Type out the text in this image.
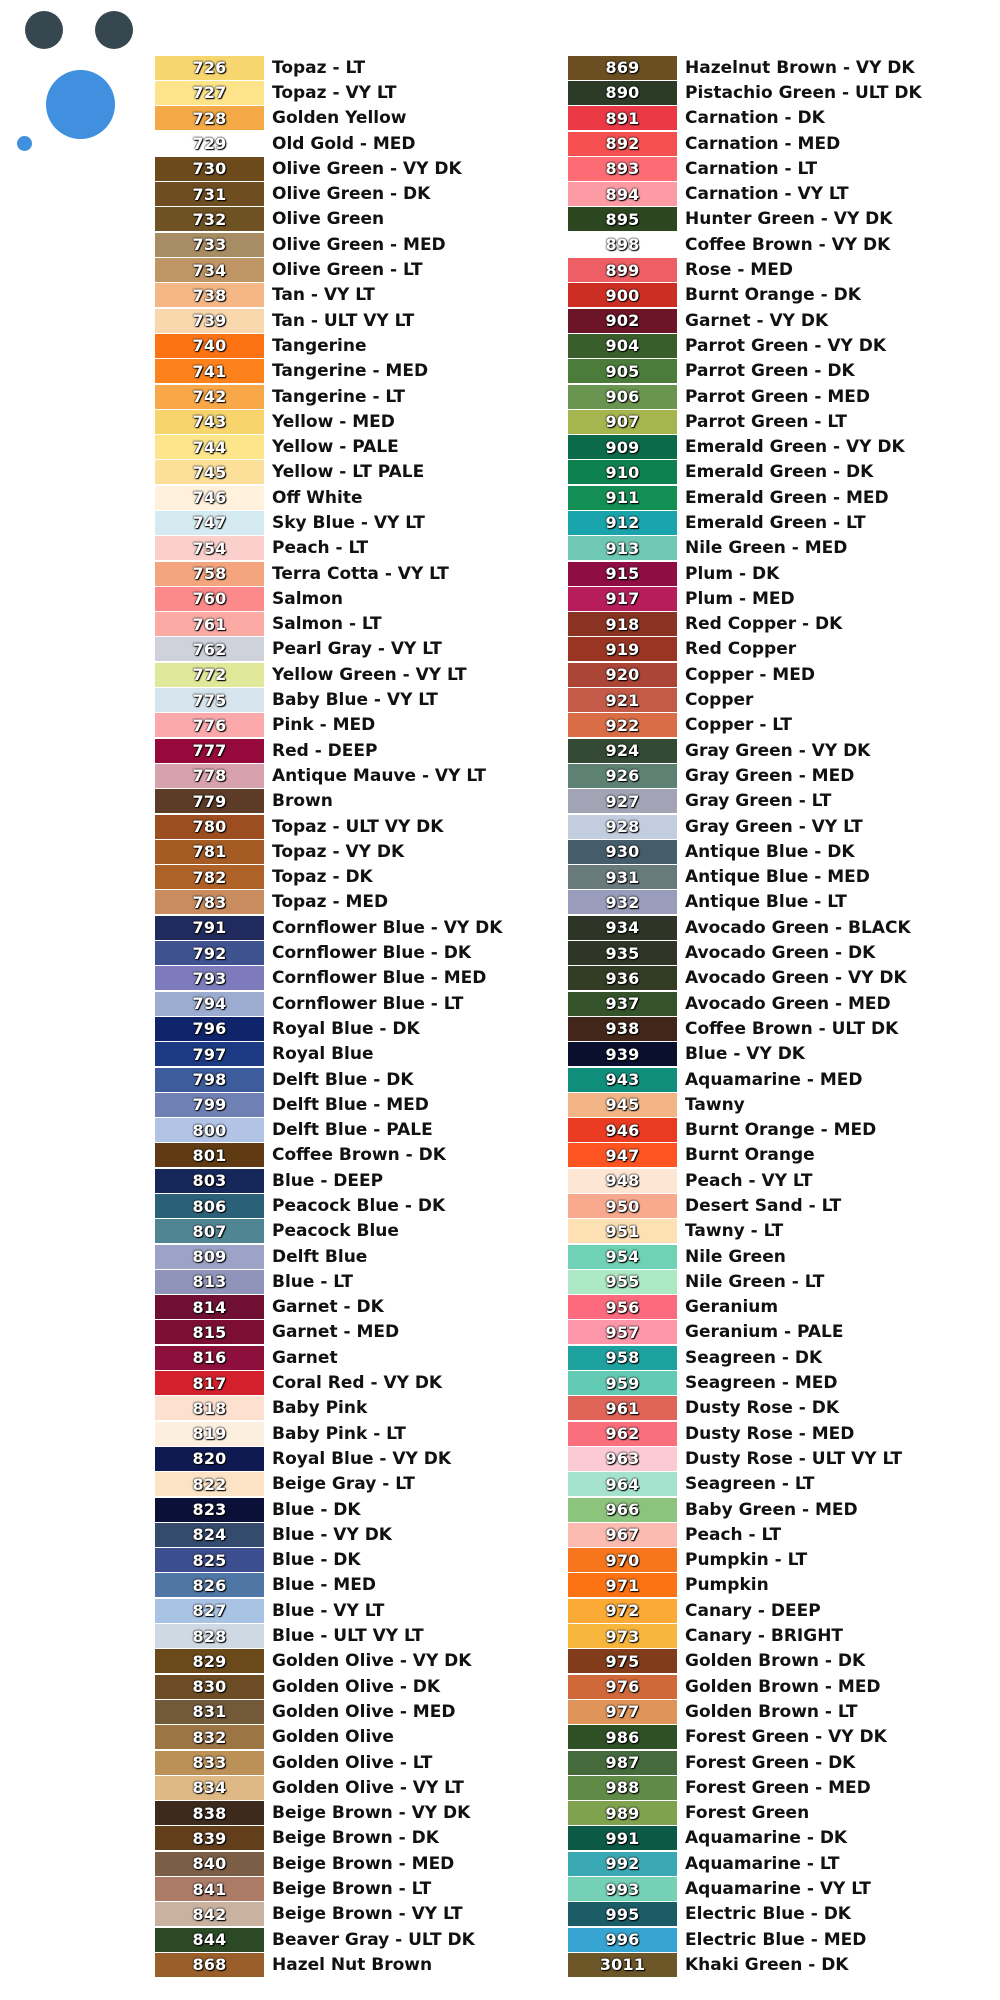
726	Topaz - LT
727	Topaz - VY LT
728	Golden Yellow
729	Old Gold - MED
730	Olive Green - VY DK
731	Olive Green - DK
732	Olive Green
733	Olive Green - MED
734	Olive Green - LT
738	Tan - VY LT
739	Tan - ULT VY LT
740	Tangerine
741	Tangerine - MED
742	Tangerine - LT
743	Yellow - MED
744	Yellow - PALE
745	Yellow - LT PALE
746	Off White
747	Sky Blue - VY LT
754	Peach - LT
758	Terra Cotta - VY LT
760	Salmon
761	Salmon - LT
762	Pearl Gray - VY LT
772	Yellow Green - VY LT
775	Baby Blue - VY LT
776	Pink - MED
777	Red - DEEP
778	Antique Mauve - VY LT
779	Brown
780	Topaz - ULT VY DK
781	Topaz - VY DK
782	Topaz - DK
783	Topaz - MED
791	Cornflower Blue - VY DK
792	Cornflower Blue - DK
793	Cornflower Blue - MED
794	Cornflower Blue - LT
796	Royal Blue - DK
797	Royal Blue
798	Delft Blue - DK
799	Delft Blue - MED
800	Delft Blue - PALE
801	Coffee Brown - DK
803	Blue - DEEP
806	Peacock Blue - DK
807	Peacock Blue
809	Delft Blue
813	Blue - LT
814	Garnet - DK
815	Garnet - MED
816	Garnet
817	Coral Red - VY DK
818	Baby Pink
819	Baby Pink - LT
820	Royal Blue - VY DK
822	Beige Gray - LT
823	Blue - DK
824	Blue - VY DK
825	Blue - DK
826	Blue - MED
827	Blue - VY LT
828	Blue - ULT VY LT
829	Golden Olive - VY DK
830	Golden Olive - DK
831	Golden Olive - MED
832	Golden Olive
833	Golden Olive - LT
834	Golden Olive - VY LT
838	Beige Brown - VY DK
839	Beige Brown - DK
840	Beige Brown - MED
841	Beige Brown - LT
842	Beige Brown - VY LT
844	Beaver Gray - ULT DK
868	Hazel Nut Brown
869	Hazelnut Brown - VY DK
890	Pistachio Green - ULT DK
891	Carnation - DK
892	Carnation - MED
893	Carnation - LT
894	Carnation - VY LT
895	Hunter Green - VY DK
898	Coffee Brown - VY DK
899	Rose - MED
900	Burnt Orange - DK
902	Garnet - VY DK
904	Parrot Green - VY DK
905	Parrot Green - DK
906	Parrot Green - MED
907	Parrot Green - LT
909	Emerald Green - VY DK
910	Emerald Green - DK
911	Emerald Green - MED
912	Emerald Green - LT
913	Nile Green - MED
915	Plum - DK
917	Plum - MED
918	Red Copper - DK
919	Red Copper
920	Copper - MED
921	Copper
922	Copper - LT
924	Gray Green - VY DK
926	Gray Green - MED
927	Gray Green - LT
928	Gray Green - VY LT
930	Antique Blue - DK
931	Antique Blue - MED
932	Antique Blue - LT
934	Avocado Green - BLACK
935	Avocado Green - DK
936	Avocado Green - VY DK
937	Avocado Green - MED
938	Coffee Brown - ULT DK
939	Blue - VY DK
943	Aquamarine - MED
945	Tawny
946	Burnt Orange - MED
947	Burnt Orange
948	Peach - VY LT
950	Desert Sand - LT
951	Tawny - LT
954	Nile Green
955	Nile Green - LT
956	Geranium
957	Geranium - PALE
958	Seagreen - DK
959	Seagreen - MED
961	Dusty Rose - DK
962	Dusty Rose - MED
963	Dusty Rose - ULT VY LT
964	Seagreen - LT
966	Baby Green - MED
967	Peach - LT
970	Pumpkin - LT
971	Pumpkin
972	Canary - DEEP
973	Canary - BRIGHT
975	Golden Brown - DK
976	Golden Brown - MED
977	Golden Brown - LT
986	Forest Green - VY DK
987	Forest Green - DK
988	Forest Green - MED
989	Forest Green
991	Aquamarine - DK
992	Aquamarine - LT
993	Aquamarine - VY LT
995	Electric Blue - DK
996	Electric Blue - MED
3011	Khaki Green - DK
